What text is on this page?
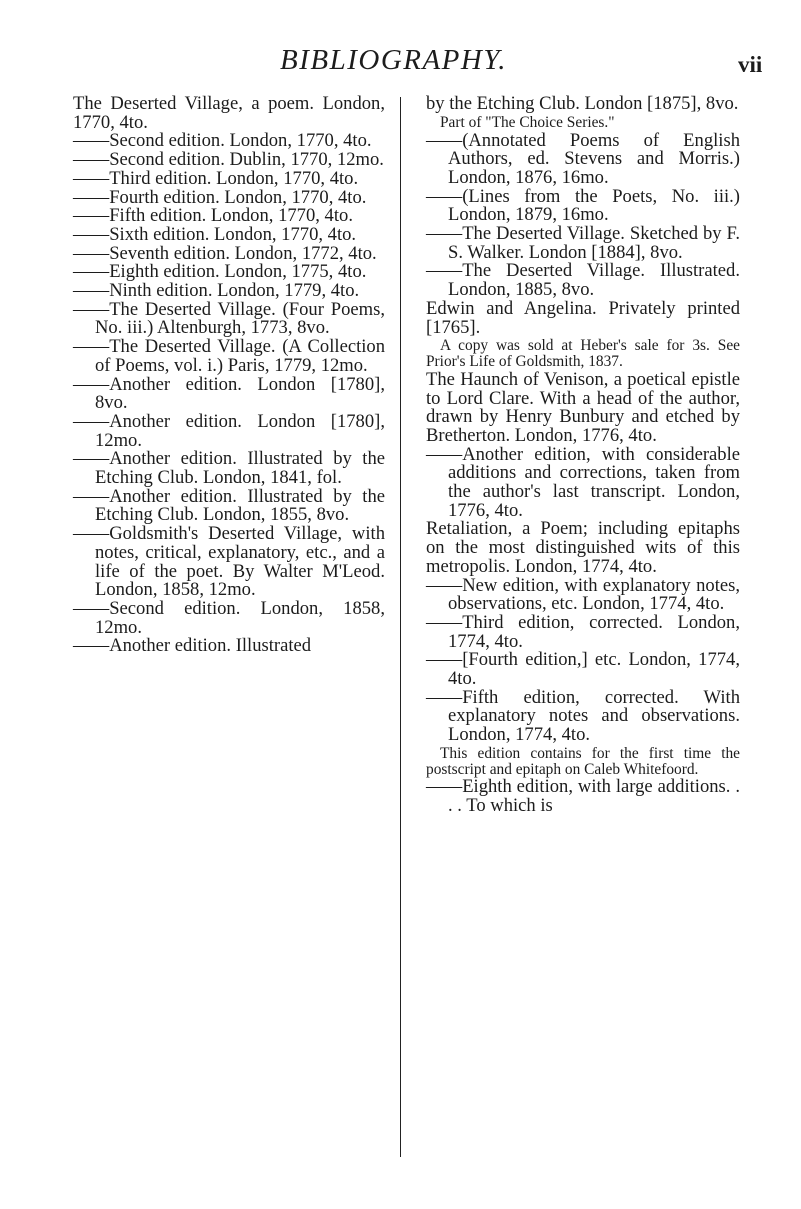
BIBLIOGRAPHY.	vii

The Deserted Village, a poem. London, 1770, 4to.

—— Second edition. London, 1770, 4to.

—— Second edition. Dublin, 1770, 12mo.

—— Third edition. London, 1770, 4to.

—— Fourth edition. London, 1770, 4to.

—— Fifth edition. London, 1770, 4to.

—— Sixth edition. London, 1770, 4to.

—— Seventh edition. London, 1772, 4to.

—— Eighth edition. London, 1775, 4to.

—— Ninth edition. London, 1779, 4to.

—— The Deserted Village. (Four Poems, No. iii.) Altenburgh, 1773, 8vo.

—— The Deserted Village. (A Collection of Poems, vol. i.) Paris, 1779, 12mo.

—— Another edition. London [1780], 8vo.

—— Another edition. London [1780], 12mo.

—— Another edition. Illustrated by the Etching Club. London, 1841, fol.

—— Another edition. Illustrated by the Etching Club. London, 1855, 8vo.

—— Goldsmith's Deserted Village, with notes, critical, explanatory, etc., and a life of the poet. By Walter M'Leod. London, 1858, 12mo.

—— Second edition. London, 1858, 12mo.

—— Another edition. Illustrated

by the Etching Club. London [1875], 8vo.

Part of "The Choice Series."

—— (Annotated Poems of English Authors, ed. Stevens and Morris.) London, 1876, 16mo.

—— (Lines from the Poets, No. iii.) London, 1879, 16mo.

—— The Deserted Village. Sketched by F. S. Walker. London [1884], 8vo.

—— The Deserted Village. Illustrated. London, 1885, 8vo.

Edwin and Angelina. Privately printed [1765].

A copy was sold at Heber's sale for 3s. See Prior's Life of Goldsmith, 1837.

The Haunch of Venison, a poetical epistle to Lord Clare. With a head of the author, drawn by Henry Bunbury and etched by Bretherton. London, 1776, 4to.

—— Another edition, with considerable additions and corrections, taken from the author's last transcript. London, 1776, 4to.

Retaliation, a Poem; including epitaphs on the most distinguished wits of this metropolis. London, 1774, 4to.

—— New edition, with explanatory notes, observations, etc. London, 1774, 4to.

—— Third edition, corrected. London, 1774, 4to.

—— [Fourth edition,] etc. London, 1774, 4to.

—— Fifth edition, corrected. With explanatory notes and observations. London, 1774, 4to.

This edition contains for the first time the postscript and epitaph on Caleb Whitefoord.

—— Eighth edition, with large additions. . . . To which is
